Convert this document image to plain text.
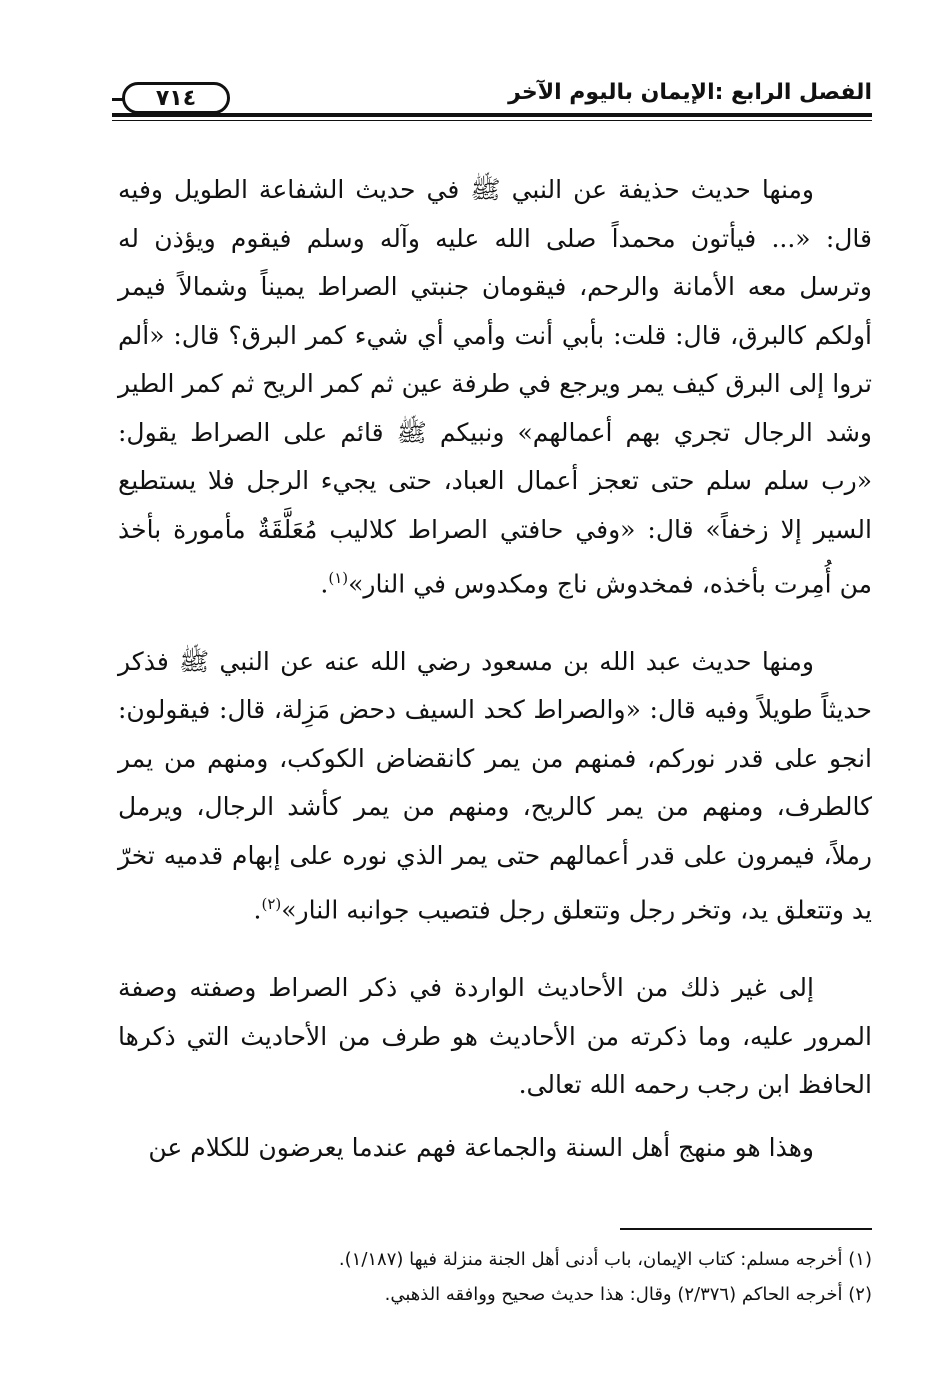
الفصل الرابع :الإيمان باليوم الآخر
٧١٤

ومنها حديث حذيفة عن النبي ﷺ في حديث الشفاعة الطويل وفيه قال: «... فيأتون محمداً صلى الله عليه وآله وسلم فيقوم ويؤذن له وترسل معه الأمانة والرحم، فيقومان جنبتي الصراط يميناً وشمالاً فيمر أولكم كالبرق، قال: قلت: بأبي أنت وأمي أي شيء كمر البرق؟ قال: «ألم تروا إلى البرق كيف يمر ويرجع في طرفة عين ثم كمر الريح ثم كمر الطير وشد الرجال تجري بهم أعمالهم» ونبيكم ﷺ قائم على الصراط يقول: «رب سلم سلم حتى تعجز أعمال العباد، حتى يجيء الرجل فلا يستطيع السير إلا زخفاً» قال: «وفي حافتي الصراط كلاليب مُعَلَّقَةٌ مأمورة بأخذ من أُمِرت بأخذه، فمخدوش ناج ومكدوس في النار»$^{(١)}$.

ومنها حديث عبد الله بن مسعود رضي الله عنه عن النبي ﷺ فذكر حديثاً طويلاً وفيه قال: «والصراط كحد السيف دحض مَزِلة، قال: فيقولون: انجو على قدر نوركم، فمنهم من يمر كانقضاض الكوكب، ومنهم من يمر كالطرف، ومنهم من يمر كالريح، ومنهم من يمر كأشد الرجال، ويرمل رملاً، فيمرون على قدر أعمالهم حتى يمر الذي نوره على إبهام قدميه تخرّ يد وتتعلق يد، وتخر رجل وتتعلق رجل فتصيب جوانبه النار»$^{(٢)}$.

إلى غير ذلك من الأحاديث الواردة في ذكر الصراط وصفته وصفة المرور عليه، وما ذكرته من الأحاديث هو طرف من الأحاديث التي ذكرها الحافظ ابن رجب رحمه الله تعالى.

وهذا هو منهج أهل السنة والجماعة فهم عندما يعرضون للكلام عن

(١) أخرجه مسلم: كتاب الإيمان، باب أدنى أهل الجنة منزلة فيها (١/١٨٧).
(٢) أخرجه الحاكم (٢/٣٧٦) وقال: هذا حديث صحيح ووافقه الذهبي.
